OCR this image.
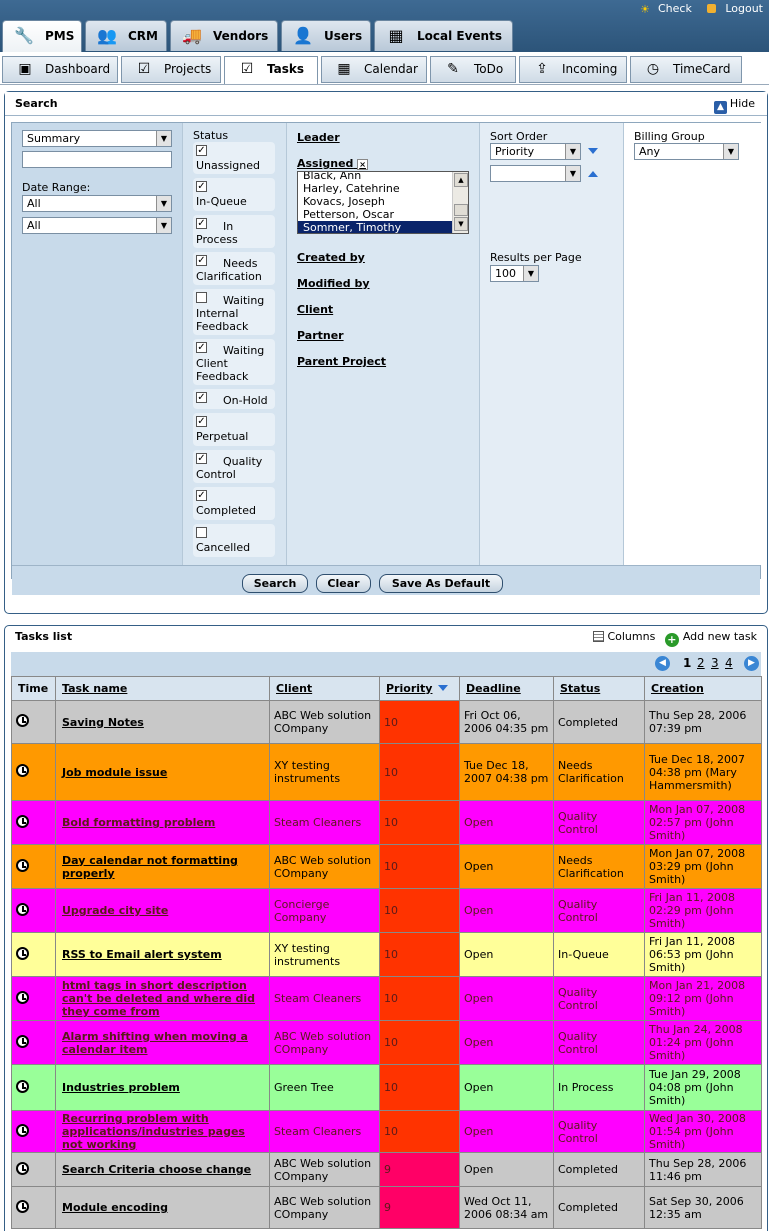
☀ Check	Logout
🔧 PMS 👥 CRM 🚚 Vendors 👤 Users ▦ Local Events
▣ Dashboard ☑ Projects ☑ Tasks ▦ Calendar ✎ ToDo ⇪ Incoming ◷ TimeCard
Search	▲ Hide
Summary	▼
Date Range:
All	▼
All	▼
Status
✓
Unassigned
✓
In-Queue
✓	In Process
✓	Needs Clarification
Waiting Internal Feedback
✓	Waiting Client Feedback
✓ On-Hold
✓
Perpetual
✓	Quality Control
✓
Completed
Cancelled
Leader
Assigned ×
Black, Ann
Harley, Catehrine
Kovacs, Joseph
Petterson, Oscar
Sommer, Timothy
▲
▼
Created by
Modified by
Client
Partner
Parent Project
Sort Order
Priority	▼
▼
Results per Page
100	▼
Billing Group
Any	▼
Search	Clear	Save As Default
Tasks list	Columns + Add new task
◀	1 2 3 4	▶
Time	Task name	Client	Priority	Deadline	Status	Creation
	Saving Notes	ABC Web solution COmpany	10	Fri Oct 06, 2006 04:35 pm	Completed	Thu Sep 28, 2006 07:39 pm
	Job module issue	XY testing instruments	10	Tue Dec 18, 2007 04:38 pm	Needs Clarification	Tue Dec 18, 2007 04:38 pm (Mary Hammersmith)
	Bold formatting problem	Steam Cleaners	10	Open	Quality Control	Mon Jan 07, 2008 02:57 pm (John Smith)
	Day calendar not formatting properly	ABC Web solution COmpany	10	Open	Needs Clarification	Mon Jan 07, 2008 03:29 pm (John Smith)
	Upgrade city site	Concierge Company	10	Open	Quality Control	Fri Jan 11, 2008 02:29 pm (John Smith)
	RSS to Email alert system	XY testing instruments	10	Open	In-Queue	Fri Jan 11, 2008 06:53 pm (John Smith)
	html tags in short description can't be deleted and where did they come from	Steam Cleaners	10	Open	Quality Control	Mon Jan 21, 2008 09:12 pm (John Smith)
	Alarm shifting when moving a calendar item	ABC Web solution COmpany	10	Open	Quality Control	Thu Jan 24, 2008 01:24 pm (John Smith)
	Industries problem	Green Tree	10	Open	In Process	Tue Jan 29, 2008 04:08 pm (John Smith)
	Recurring problem with applications/industries pages not working	Steam Cleaners	10	Open	Quality Control	Wed Jan 30, 2008 01:54 pm (John Smith)
	Search Criteria choose change	ABC Web solution COmpany	9	Open	Completed	Thu Sep 28, 2006 11:46 pm
	Module encoding	ABC Web solution COmpany	9	Wed Oct 11, 2006 08:34 am	Completed	Sat Sep 30, 2006 12:35 am
